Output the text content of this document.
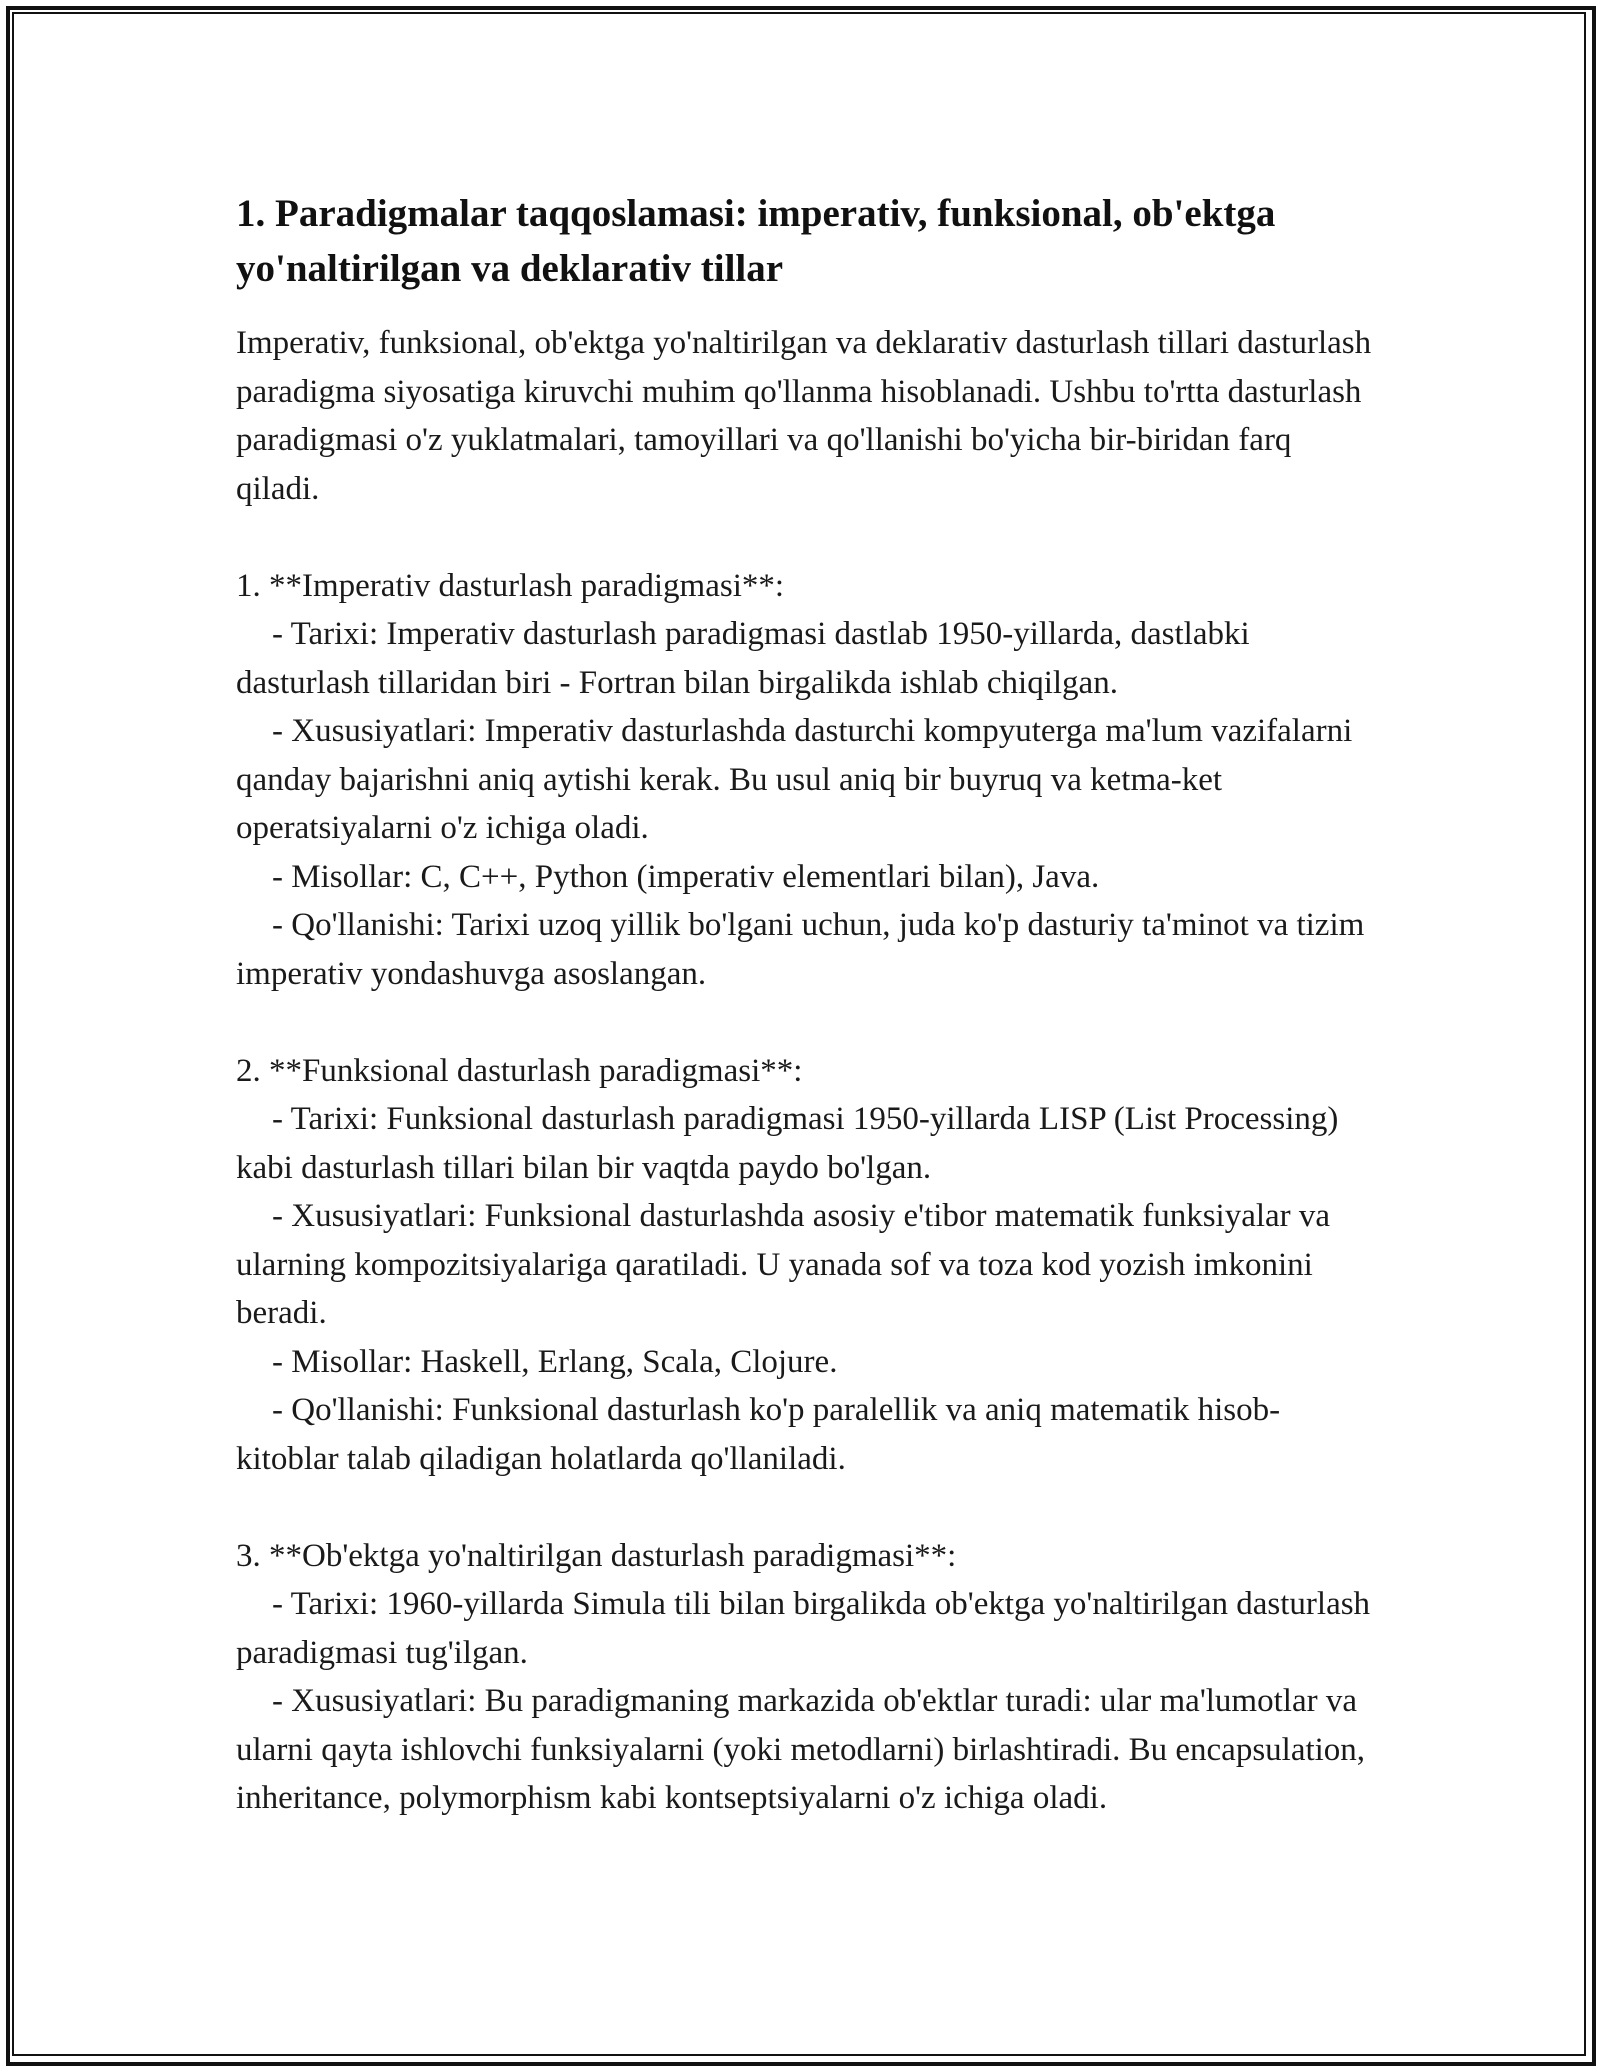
1. Paradigmalar taqqoslamasi: imperativ, funksional, ob'ektga yo'naltirilgan va deklarativ tillar

Imperativ, funksional, ob'ektga yo'naltirilgan va deklarativ dasturlash tillari dasturlash paradigma siyosatiga kiruvchi muhim qo'llanma hisoblanadi. Ushbu to'rtta dasturlash paradigmasi o'z yuklatmalari, tamoyillari va qo'llanishi bo'yicha bir-biridan farq qiladi.

1. **Imperativ dasturlash paradigmasi**:

- Tarixi: Imperativ dasturlash paradigmasi dastlab 1950-yillarda, dastlabki dasturlash tillaridan biri - Fortran bilan birgalikda ishlab chiqilgan.

- Xususiyatlari: Imperativ dasturlashda dasturchi kompyuterga ma'lum vazifalarni qanday bajarishni aniq aytishi kerak. Bu usul aniq bir buyruq va ketma-ket operatsiyalarni o'z ichiga oladi.

- Misollar: C, C++, Python (imperativ elementlari bilan), Java.

- Qo'llanishi: Tarixi uzoq yillik bo'lgani uchun, juda ko'p dasturiy ta'minot va tizim imperativ yondashuvga asoslangan.

2. **Funksional dasturlash paradigmasi**:

- Tarixi: Funksional dasturlash paradigmasi 1950-yillarda LISP (List Processing) kabi dasturlash tillari bilan bir vaqtda paydo bo'lgan.

- Xususiyatlari: Funksional dasturlashda asosiy e'tibor matematik funksiyalar va ularning kompozitsiyalariga qaratiladi. U yanada sof va toza kod yozish imkonini beradi.

- Misollar: Haskell, Erlang, Scala, Clojure.

- Qo'llanishi: Funksional dasturlash ko'p paralellik va aniq matematik hisob-kitoblar talab qiladigan holatlarda qo'llaniladi.

3. **Ob'ektga yo'naltirilgan dasturlash paradigmasi**:

- Tarixi: 1960-yillarda Simula tili bilan birgalikda ob'ektga yo'naltirilgan dasturlash paradigmasi tug'ilgan.

- Xususiyatlari: Bu paradigmaning markazida ob'ektlar turadi: ular ma'lumotlar va ularni qayta ishlovchi funksiyalarni (yoki metodlarni) birlashtiradi. Bu encapsulation, inheritance, polymorphism kabi kontseptsiyalarni o'z ichiga oladi.
